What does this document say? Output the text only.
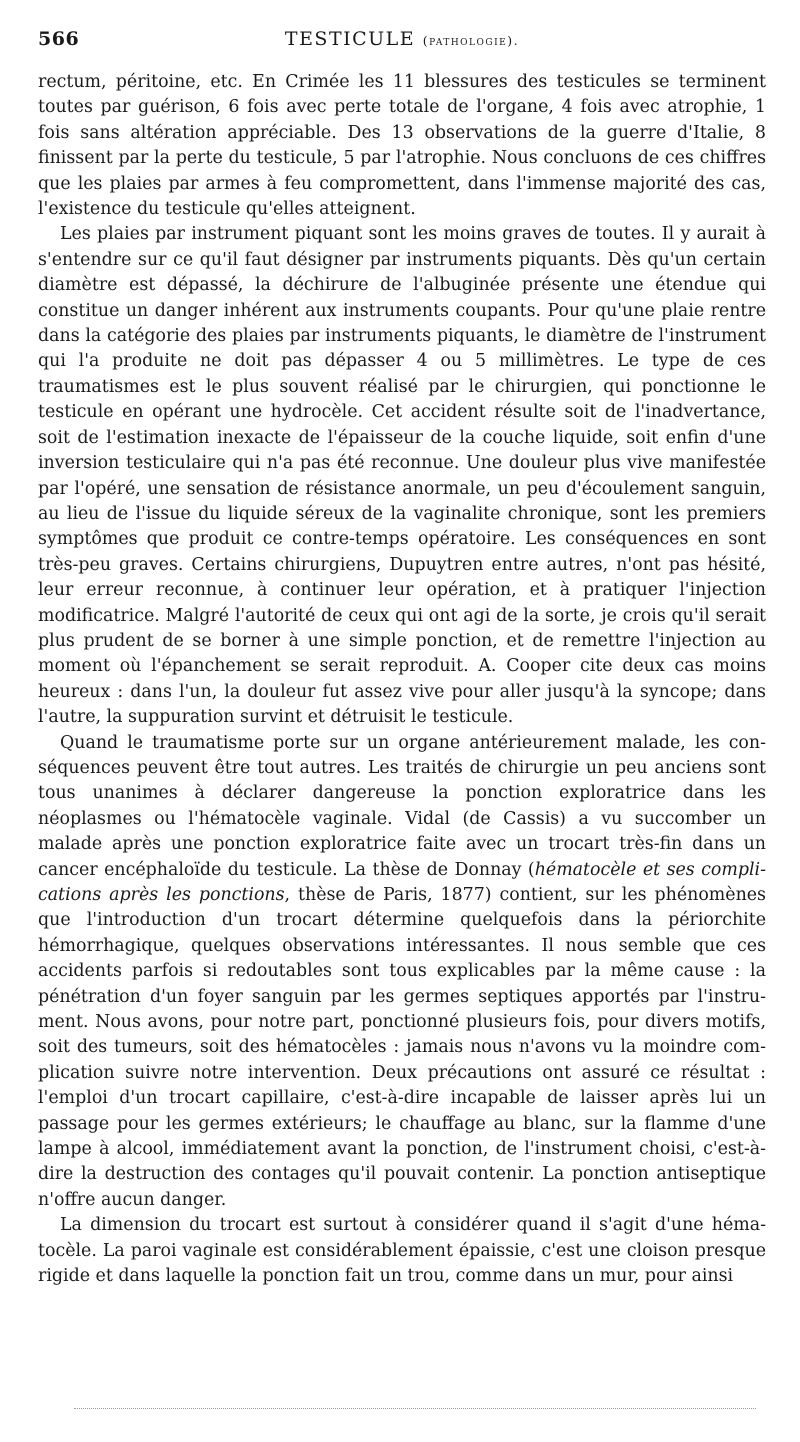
566	TESTICULE (pathologie).

rectum, péritoine, etc. En Crimée les 11 blessures des testicules se terminent toutes par guérison, 6 fois avec perte totale de l'organe, 4 fois avec atrophie, 1 fois sans altération appréciable. Des 13 observations de la guerre d'Italie, 8 finissent par la perte du testicule, 5 par l'atrophie. Nous concluons de ces chiffres que les plaies par armes à feu compromettent, dans l'immense majorité des cas, l'existence du testicule qu'elles atteignent.

Les plaies par instrument piquant sont les moins graves de toutes. Il y aurait à s'entendre sur ce qu'il faut désigner par instruments piquants. Dès qu'un certain diamètre est dépassé, la déchirure de l'albuginée présente une étendue qui constitue un danger inhérent aux instruments coupants. Pour qu'une plaie rentre dans la catégorie des plaies par instruments piquants, le diamètre de l'instrument qui l'a produite ne doit pas dépasser 4 ou 5 millimètres. Le type de ces traumatismes est le plus souvent réalisé par le chirurgien, qui ponctionne le testicule en opérant une hydrocèle. Cet accident résulte soit de l'inadvertance, soit de l'estimation inexacte de l'épaisseur de la couche liquide, soit enfin d'une inversion testiculaire qui n'a pas été reconnue. Une douleur plus vive manifestée par l'opéré, une sensation de résistance anormale, un peu d'écoulement sanguin, au lieu de l'issue du liquide séreux de la vaginalite chronique, sont les premiers symptômes que produit ce contre-temps opératoire. Les conséquences en sont très-peu graves. Certains chirurgiens, Dupuytren entre autres, n'ont pas hésité, leur erreur reconnue, à continuer leur opération, et à pratiquer l'injection modificatrice. Malgré l'autorité de ceux qui ont agi de la sorte, je crois qu'il serait plus prudent de se borner à une simple ponction, et de remettre l'injection au moment où l'épanchement se serait reproduit. A. Cooper cite deux cas moins heureux : dans l'un, la douleur fut assez vive pour aller jusqu'à la syncope; dans l'autre, la suppuration survint et détruisit le testicule.

Quand le traumatisme porte sur un organe antérieurement malade, les conséquences peuvent être tout autres. Les traités de chirurgie un peu anciens sont tous unanimes à déclarer dangereuse la ponction exploratrice dans les néoplasmes ou l'hématocèle vaginale. Vidal (de Cassis) a vu succomber un malade après une ponction exploratrice faite avec un trocart très-fin dans un cancer encéphaloïde du testicule. La thèse de Donnay (hématocèle et ses complications après les ponctions, thèse de Paris, 1877) contient, sur les phénomènes que l'introduction d'un trocart détermine quelquefois dans la périorchite hémorrhagique, quelques observations intéressantes. Il nous semble que ces accidents parfois si redoutables sont tous explicables par la même cause : la pénétration d'un foyer sanguin par les germes septiques apportés par l'instrument. Nous avons, pour notre part, ponctionné plusieurs fois, pour divers motifs, soit des tumeurs, soit des hématocèles : jamais nous n'avons vu la moindre complication suivre notre intervention. Deux précautions ont assuré ce résultat : l'emploi d'un trocart capillaire, c'est-à-dire incapable de laisser après lui un passage pour les germes extérieurs; le chauffage au blanc, sur la flamme d'une lampe à alcool, immédiatement avant la ponction, de l'instrument choisi, c'est-à-dire la destruction des contages qu'il pouvait contenir. La ponction antiseptique n'offre aucun danger.

La dimension du trocart est surtout à considérer quand il s'agit d'une hématocèle. La paroi vaginale est considérablement épaissie, c'est une cloison presque rigide et dans laquelle la ponction fait un trou, comme dans un mur, pour ainsi
